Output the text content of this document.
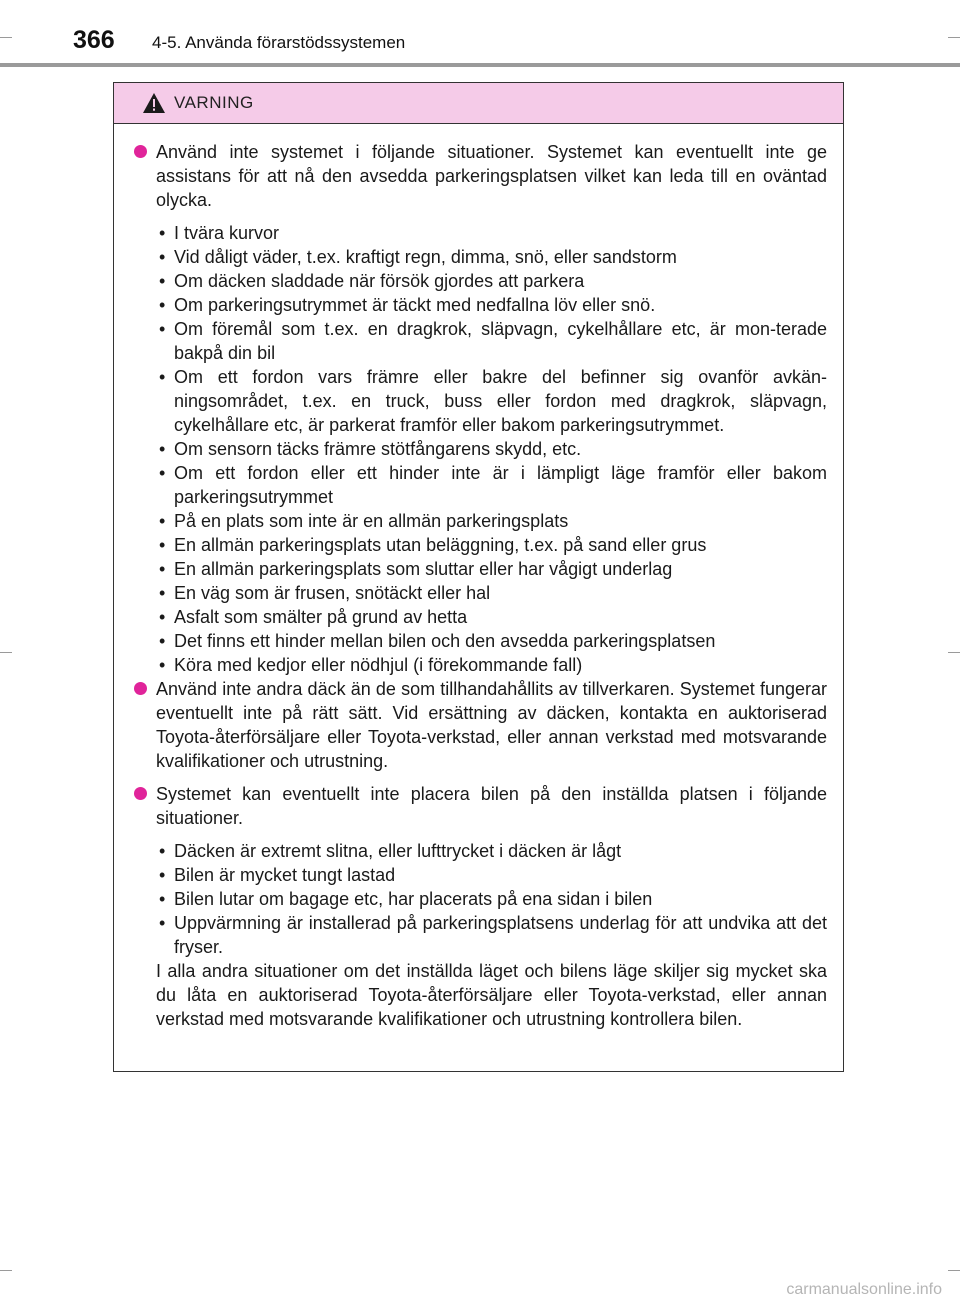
366 4-5. Använda förarstödssystemen
VARNING
Använd inte systemet i följande situationer. Systemet kan eventuellt inte ge assistans för att nå den avsedda parkeringsplatsen vilket kan leda till en oväntad olycka.
• I tvära kurvor
• Vid dåligt väder, t.ex. kraftigt regn, dimma, snö, eller sandstorm
• Om däcken sladdade när försök gjordes att parkera
• Om parkeringsutrymmet är täckt med nedfallna löv eller snö.
• Om föremål som t.ex. en dragkrok, släpvagn, cykelhållare etc, är mon-terade bakpå din bil
• Om ett fordon vars främre eller bakre del befinner sig ovanför avkän-ningsområdet, t.ex. en truck, buss eller fordon med dragkrok, släpvagn, cykelhållare etc, är parkerat framför eller bakom parkeringsutrymmet.
• Om sensorn täcks främre stötfångarens skydd, etc.
• Om ett fordon eller ett hinder inte är i lämpligt läge framför eller bakom parkeringsutrymmet
• På en plats som inte är en allmän parkeringsplats
• En allmän parkeringsplats utan beläggning, t.ex. på sand eller grus
• En allmän parkeringsplats som sluttar eller har vågigt underlag
• En väg som är frusen, snötäckt eller hal
• Asfalt som smälter på grund av hetta
• Det finns ett hinder mellan bilen och den avsedda parkeringsplatsen
• Köra med kedjor eller nödhjul (i förekommande fall)
Använd inte andra däck än de som tillhandahållits av tillverkaren. Systemet fungerar eventuellt inte på rätt sätt. Vid ersättning av däcken, kontakta en auktoriserad Toyota-återförsäljare eller Toyota-verkstad, eller annan verkstad med motsvarande kvalifikationer och utrustning.
Systemet kan eventuellt inte placera bilen på den inställda platsen i följande situationer.
• Däcken är extremt slitna, eller lufttrycket i däcken är lågt
• Bilen är mycket tungt lastad
• Bilen lutar om bagage etc, har placerats på ena sidan i bilen
• Uppvärmning är installerad på parkeringsplatsens underlag för att undvika att det fryser.
I alla andra situationer om det inställda läget och bilens läge skiljer sig mycket ska du låta en auktoriserad Toyota-återförsäljare eller Toyota-verkstad, eller annan verkstad med motsvarande kvalifikationer och utrustning kontrollera bilen.
carmanualsonline.info
